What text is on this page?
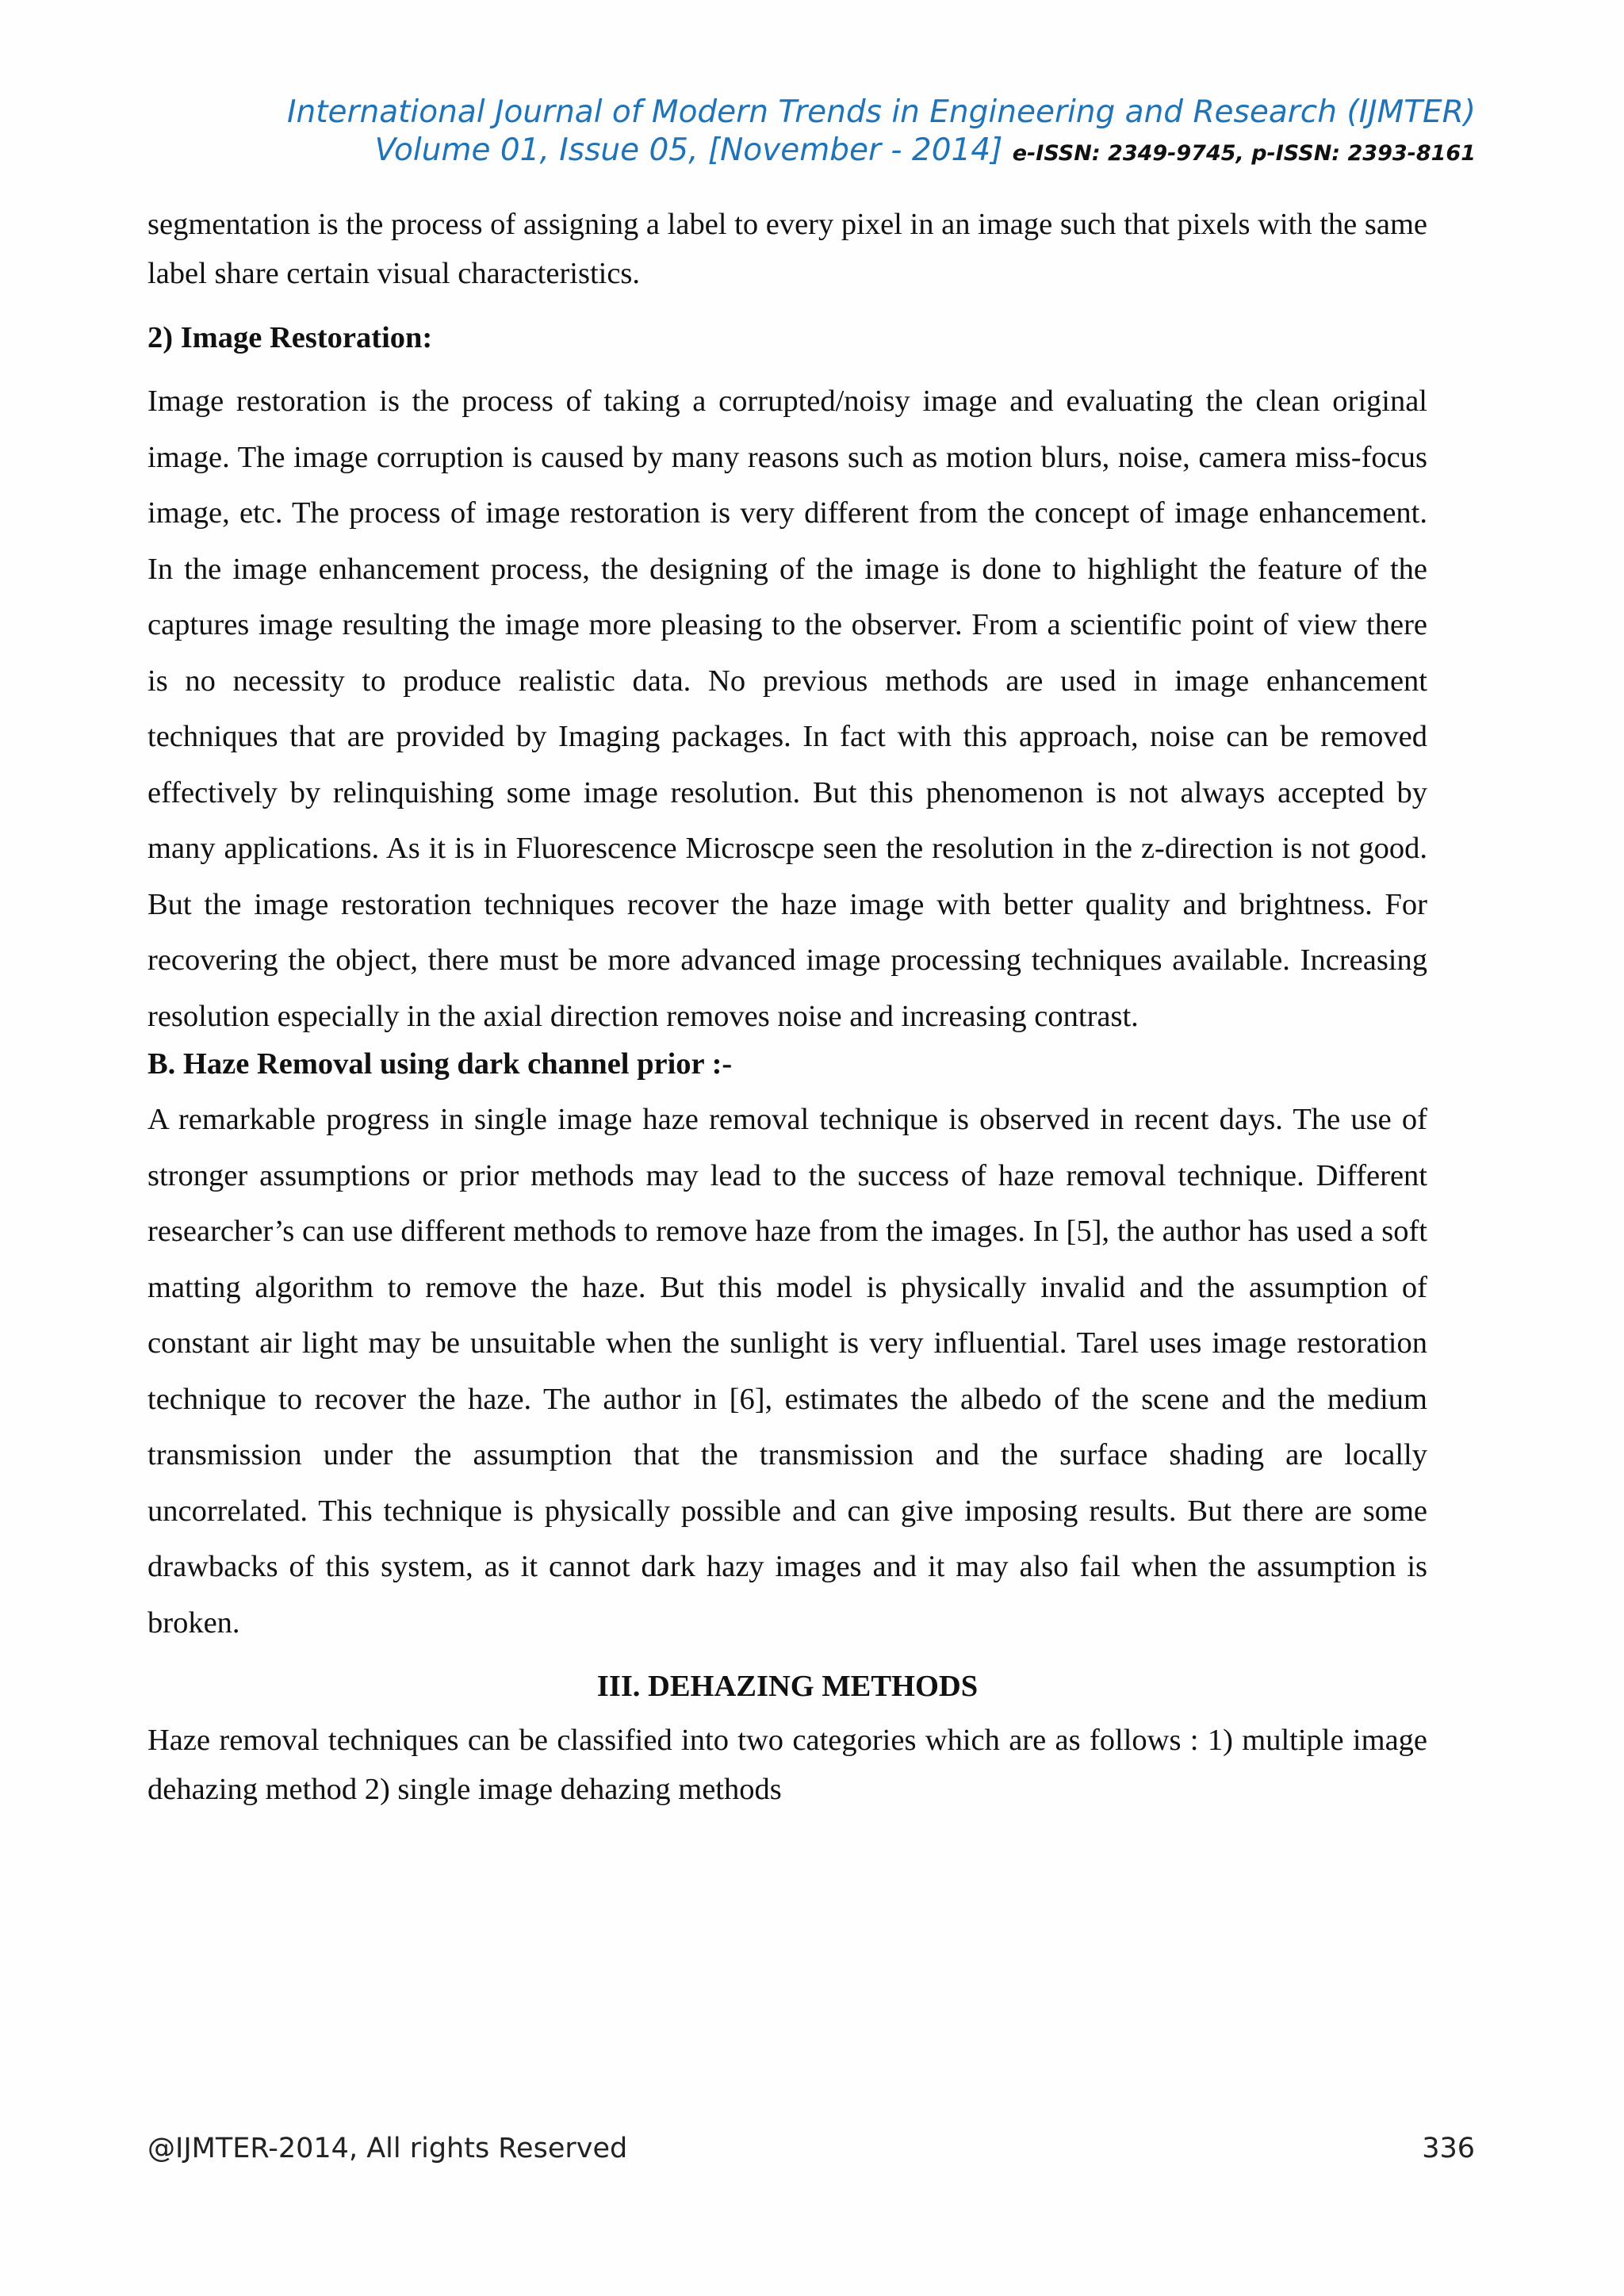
International Journal of Modern Trends in Engineering and Research (IJMTER)
Volume 01, Issue 05, [November - 2014] e-ISSN: 2349-9745, p-ISSN: 2393-8161

segmentation is the process of assigning a label to every pixel in an image such that pixels with the same label share certain visual characteristics.

2) Image Restoration:

Image restoration is the process of taking a corrupted/noisy image and evaluating the clean original image. The image corruption is caused by many reasons such as motion blurs, noise, camera miss-focus image, etc. The process of image restoration is very different from the concept of image enhancement. In the image enhancement process, the designing of the image is done to highlight the feature of the captures image resulting the image more pleasing to the observer. From a scientific point of view there is no necessity to produce realistic data. No previous methods are used in image enhancement techniques that are provided by Imaging packages. In fact with this approach, noise can be removed effectively by relinquishing some image resolution. But this phenomenon is not always accepted by many applications. As it is in Fluorescence Microscpe seen the resolution in the z-direction is not good. But the image restoration techniques recover the haze image with better quality and brightness. For recovering the object, there must be more advanced image processing techniques available. Increasing resolution especially in the axial direction removes noise and increasing contrast.

B. Haze Removal using dark channel prior :-

A remarkable progress in single image haze removal technique is observed in recent days. The use of stronger assumptions or prior methods may lead to the success of haze removal technique. Different researcher’s can use different methods to remove haze from the images. In [5], the author has used a soft matting algorithm to remove the haze. But this model is physically invalid and the assumption of constant air light may be unsuitable when the sunlight is very influential. Tarel uses image restoration technique to recover the haze. The author in [6], estimates the albedo of the scene and the medium transmission under the assumption that the transmission and the surface shading are locally uncorrelated. This technique is physically possible and can give imposing results. But there are some drawbacks of this system, as it cannot dark hazy images and it may also fail when the assumption is broken.

III. DEHAZING METHODS

Haze removal techniques can be classified into two categories which are as follows : 1) multiple image dehazing method 2) single image dehazing methods

@IJMTER-2014, All rights Reserved	336
